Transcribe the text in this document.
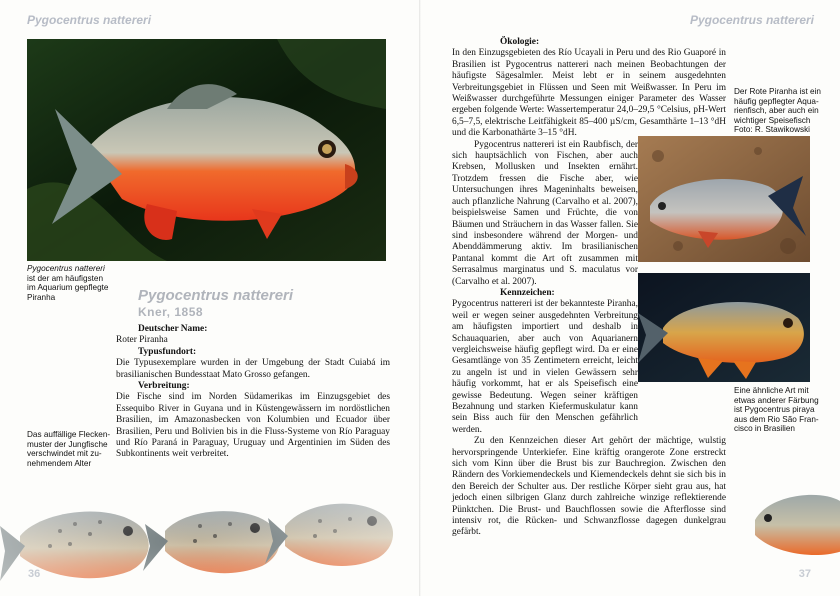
Pygocentrus nattereri	Pygocentrus nattereri
Pygocentrus nattereri
ist der am häufigsten
im Aquarium gepflegte
Piranha	Pygocentrus nattereri
Kner, 1858

Deutscher Name:

Roter Piranha

Typusfundort:

Die Typusexemplare wurden in der Umgebung der Stadt Cuiabá im brasilianischen Bundesstaat Mato Grosso gefangen.

Verbreitung:

Die Fische sind im Norden Südamerikas im Einzugsgebiet des Essequibo River in Guyana und in Küstengewässern im nordöstlichen Brasilien, im Amazonasbecken von Kolumbien und Ecuador über Brasilien, Peru und Bolivien bis in die Fluss-Systeme von Río Paraguay und Río Paraná in Paraguay, Uruguay und Argentinien im Süden des Subkontinents weit verbreitet.

Das auffällige Flecken-
muster der Jungfische
verschwindet mit zu-
nehmendem Alter
36

Ökologie:

In den Einzugsgebieten des Río Ucayali in Peru und des Rio Guaporé in Brasilien ist Pygocentrus nattereri nach meinen Beobachtungen der häufigste Sägesalmler. Meist lebt er in seinem ausgedehnten Verbreitungsgebiet in Flüssen und Seen mit Weißwasser. In Peru im Weißwasser durchgeführte Messungen einiger Parameter des Wasser ergeben folgende Werte: Wassertemperatur 24,0–29,5 °Celsius, pH-Wert 6,5–7,5, elektrische Leitfähigkeit 85–400 µS/cm, Gesamthärte 1–13 °dH und die Karbonathärte 3–15 °dH.

Pygocentrus nattereri ist ein Raubfisch, der sich hauptsächlich von Fischen, aber auch Krebsen, Mollusken und Insekten ernährt. Trotzdem fressen die Fische aber, wie Untersuchungen ihres Mageninhalts beweisen, auch pflanzliche Nahrung (Carvalho et al. 2007), beispielsweise Samen und Früchte, die von Bäumen und Sträuchern in das Wasser fallen. Sie sind insbesondere während der Morgen- und Abenddämmerung aktiv. Im brasilianischen Pantanal kommt die Art oft zusammen mit Serrasalmus marginatus und S. maculatus vor (Carvalho et al. 2007).

Kennzeichen:

Pygocentrus nattereri ist der bekannteste Piranha, weil er wegen seiner ausgedehnten Verbreitung am häufigsten importiert und deshalb in Schauaquarien, aber auch von Aquarianern vergleichsweise häufig gepflegt wird. Da er eine Gesamtlänge von 35 Zentimetern erreicht, leicht zu angeln ist und in vielen Gewässern sehr häufig vorkommt, hat er als Speisefisch eine gewisse Bedeutung. Wegen seiner kräftigen Bezahnung und starken Kiefermuskulatur kann sein Biss auch für den Menschen gefährlich werden.

Zu den Kennzeichen dieser Art gehört der mächtige, wulstig hervorspringende Unterkiefer. Eine kräftig orangerote Zone erstreckt sich vom Kinn über die Brust bis zur Bauchregion. Zwischen den Rändern des Vorkiemendeckels und Kiemendeckels dehnt sie sich bis in den Bereich der Schulter aus. Der restliche Körper sieht grau aus, hat jedoch einen silbrigen Glanz durch zahlreiche winzige reflektierende Pünktchen. Die Brust- und Bauchflossen sowie die Afterflosse sind intensiv rot, die Rücken- und Schwanzflosse dagegen dunkelgrau gefärbt.

Der Rote Piranha ist ein
häufig gepflegter Aqua-
rienfisch, aber auch ein
wichtiger Speisefisch
Foto: R. Stawikowski
Eine ähnliche Art mit
etwas anderer Färbung
ist Pygocentrus piraya
aus dem Rio São Fran-
cisco in Brasilien
37
